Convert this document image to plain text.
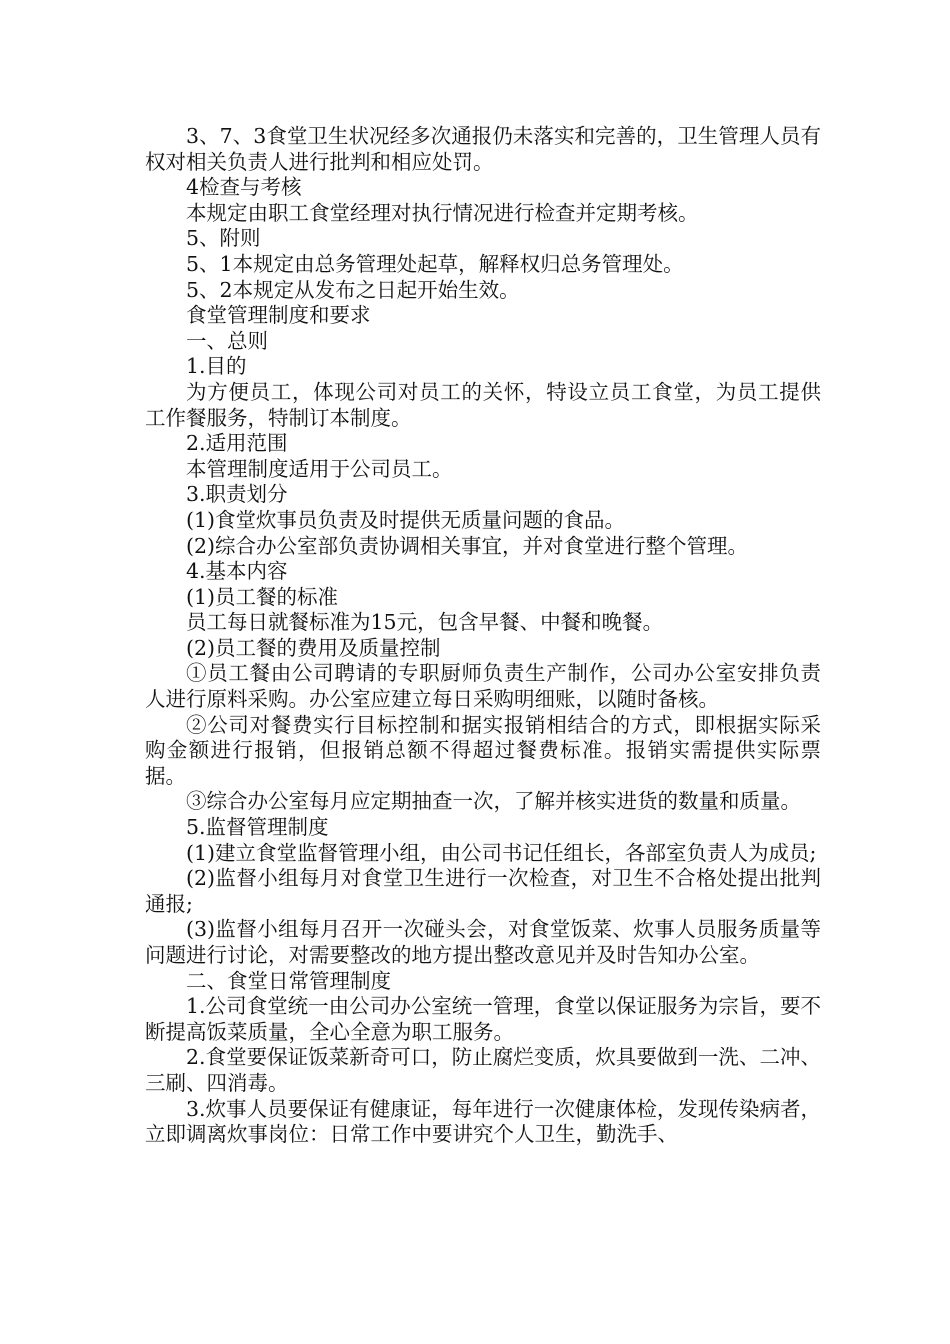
3、7、3食堂卫生状况经多次通报仍未落实和完善的，卫生管理人员有权对相关负责人进行批判和相应处罚。

4检查与考核

本规定由职工食堂经理对执行情况进行检查并定期考核。

5、附则

5、1本规定由总务管理处起草，解释权归总务管理处。

5、2本规定从发布之日起开始生效。

食堂管理制度和要求

一、总则

1.目的

为方便员工，体现公司对员工的关怀，特设立员工食堂，为员工提供工作餐服务，特制订本制度。

2.适用范围

本管理制度适用于公司员工。

3.职责划分

(1)食堂炊事员负责及时提供无质量问题的食品。

(2)综合办公室部负责协调相关事宜，并对食堂进行整个管理。

4.基本内容

(1)员工餐的标准

员工每日就餐标准为15元，包含早餐、中餐和晚餐。

(2)员工餐的费用及质量控制

①员工餐由公司聘请的专职厨师负责生产制作，公司办公室安排负责人进行原料采购。办公室应建立每日采购明细账，以随时备核。

②公司对餐费实行目标控制和据实报销相结合的方式，即根据实际采购金额进行报销，但报销总额不得超过餐费标准。报销实需提供实际票据。

③综合办公室每月应定期抽查一次，了解并核实进货的数量和质量。

5.监督管理制度

(1)建立食堂监督管理小组，由公司书记任组长，各部室负责人为成员;

(2)监督小组每月对食堂卫生进行一次检查，对卫生不合格处提出批判通报;

(3)监督小组每月召开一次碰头会，对食堂饭菜、炊事人员服务质量等问题进行讨论，对需要整改的地方提出整改意见并及时告知办公室。

二、食堂日常管理制度

1.公司食堂统一由公司办公室统一管理，食堂以保证服务为宗旨，要不断提高饭菜质量，全心全意为职工服务。

2.食堂要保证饭菜新奇可口，防止腐烂变质，炊具要做到一洗、二冲、三刷、四消毒。

3.炊事人员要保证有健康证，每年进行一次健康体检，发现传染病者，立即调离炊事岗位：日常工作中要讲究个人卫生，勤洗手、
